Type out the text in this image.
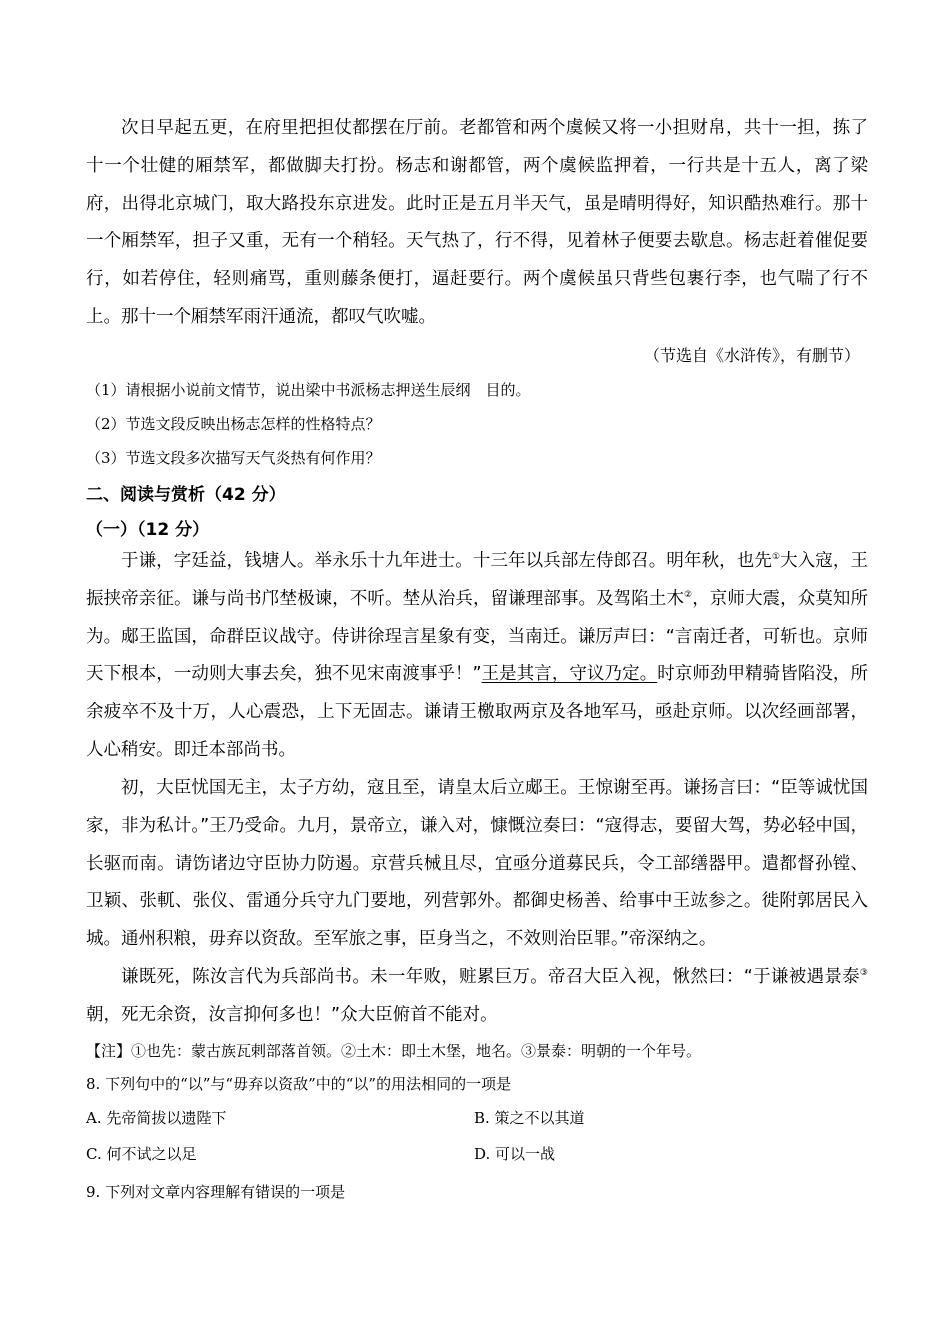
次日早起五更，在府里把担仗都摆在厅前。老都管和两个虞候又将一小担财帛，共十一担，拣了十一个壮健的厢禁军，都做脚夫打扮。杨志和谢都管，两个虞候监押着，一行共是十五人，离了梁府，出得北京城门，取大路投东京进发。此时正是五月半天气，虽是晴明得好，知识酷热难行。那十一个厢禁军，担子又重，无有一个稍轻。天气热了，行不得，见着林子便要去歇息。杨志赶着催促要行，如若停住，轻则痛骂，重则藤条便打，逼赶要行。两个虞候虽只背些包裹行李，也气喘了行不上。那十一个厢禁军雨汗通流，都叹气吹嘘。

（节选自《水浒传》，有删节）

（1）请根据小说前文情节，说出梁中书派杨志押送生辰纲　目的。

（2）节选文段反映出杨志怎样的性格特点？

（3）节选文段多次描写天气炎热有何作用？

二、阅读与赏析（42 分）

（一）（12 分）

于谦，字廷益，钱塘人。举永乐十九年进士。十三年以兵部左侍郎召。明年秋，也先①大入寇，王振挟帝亲征。谦与尚书邝埜极谏，不听。埜从治兵，留谦理部事。及驾陷土木②，京师大震，众莫知所为。郕王监国，命群臣议战守。侍讲徐珵言星象有变，当南迁。谦厉声曰：“言南迁者，可斩也。京师天下根本，一动则大事去矣，独不见宋南渡事乎！”王是其言，守议乃定。时京师劲甲精骑皆陷没，所余疲卒不及十万，人心震恐，上下无固志。谦请王檄取两京及各地军马，亟赴京师。以次经画部署，人心稍安。即迁本部尚书。

初，大臣忧国无主，太子方幼，寇且至，请皇太后立郕王。王惊谢至再。谦扬言曰：“臣等诚忧国家，非为私计。”王乃受命。九月，景帝立，谦入对，慷慨泣奏曰：“寇得志，要留大驾，势必轻中国，长驱而南。请饬诸边守臣协力防遏。京营兵械且尽，宜亟分道募民兵，令工部缮器甲。遣都督孙镗、卫颖、张軏、张仪、雷通分兵守九门要地，列营郭外。都御史杨善、给事中王竑参之。徙附郭居民入城。通州积粮，毋弃以资敌。至军旅之事，臣身当之，不效则治臣罪。”帝深纳之。

谦既死，陈汝言代为兵部尚书。未一年败，赃累巨万。帝召大臣入视，愀然曰：“于谦被遇景泰③朝，死无余资，汝言抑何多也！”众大臣俯首不能对。

【注】①也先：蒙古族瓦剌部落首领。②土木：即土木堡，地名。③景泰：明朝的一个年号。

8. 下列句中的“以”与“毋弃以资敌”中的“以”的用法相同的一项是

A. 先帝简拔以遗陛下	B. 策之不以其道
C. 何不试之以足	D. 可以一战

9. 下列对文章内容理解有错误的一项是
